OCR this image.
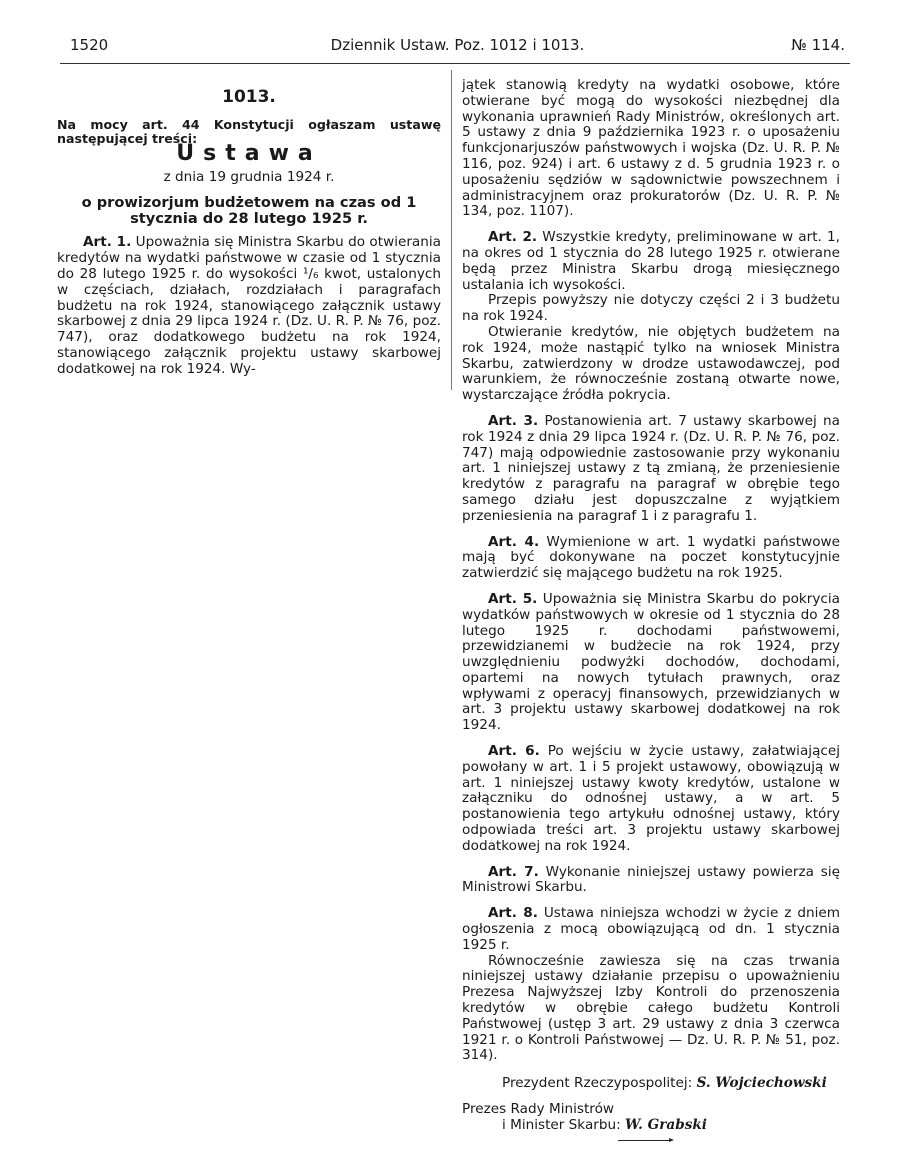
1520	Dziennik Ustaw. Poz. 1012 i 1013.	№ 114.

1013.

Na mocy art. 44 Konstytucji ogłaszam ustawę następującej treści:

Ustawa

z dnia 19 grudnia 1924 r.

o prowizorjum budżetowem na czas od 1 stycznia do 28 lutego 1925 r.

Art. 1. Upoważnia się Ministra Skarbu do otwierania kredytów na wydatki państwowe w czasie od 1 stycznia do 28 lutego 1925 r. do wysokości ¹/₆ kwot, ustalonych w częściach, działach, rozdziałach i paragrafach budżetu na rok 1924, stanowiącego załącznik ustawy skarbowej z dnia 29 lipca 1924 r. (Dz. U. R. P. № 76, poz. 747), oraz dodatkowego budżetu na rok 1924, stanowiącego załącznik projektu ustawy skarbowej dodatkowej na rok 1924. Wy-

jątek stanowią kredyty na wydatki osobowe, które otwierane być mogą do wysokości niezbędnej dla wykonania uprawnień Rady Ministrów, określonych art. 5 ustawy z dnia 9 października 1923 r. o uposażeniu funkcjonarjuszów państwowych i wojska (Dz. U. R. P. № 116, poz. 924) i art. 6 ustawy z d. 5 grudnia 1923 r. o uposażeniu sędziów w sądownictwie powszechnem i administracyjnem oraz prokuratorów (Dz. U. R. P. № 134, poz. 1107).

Art. 2. Wszystkie kredyty, preliminowane w art. 1, na okres od 1 stycznia do 28 lutego 1925 r. otwierane będą przez Ministra Skarbu drogą miesięcznego ustalania ich wysokości.

Przepis powyższy nie dotyczy części 2 i 3 budżetu na rok 1924.

Otwieranie kredytów, nie objętych budżetem na rok 1924, może nastąpić tylko na wniosek Ministra Skarbu, zatwierdzony w drodze ustawodawczej, pod warunkiem, że równocześnie zostaną otwarte nowe, wystarczające źródła pokrycia.

Art. 3. Postanowienia art. 7 ustawy skarbowej na rok 1924 z dnia 29 lipca 1924 r. (Dz. U. R. P. № 76, poz. 747) mają odpowiednie zastosowanie przy wykonaniu art. 1 niniejszej ustawy z tą zmianą, że przeniesienie kredytów z paragrafu na paragraf w obrębie tego samego działu jest dopuszczalne z wyjątkiem przeniesienia na paragraf 1 i z paragrafu 1.

Art. 4. Wymienione w art. 1 wydatki państwowe mają być dokonywane na poczet konstytucyjnie zatwierdzić się mającego budżetu na rok 1925.

Art. 5. Upoważnia się Ministra Skarbu do pokrycia wydatków państwowych w okresie od 1 stycznia do 28 lutego 1925 r. dochodami państwowemi, przewidzianemi w budżecie na rok 1924, przy uwzględnieniu podwyżki dochodów, dochodami, opartemi na nowych tytułach prawnych, oraz wpływami z operacyj finansowych, przewidzianych w art. 3 projektu ustawy skarbowej dodatkowej na rok 1924.

Art. 6. Po wejściu w życie ustawy, załatwiającej powołany w art. 1 i 5 projekt ustawowy, obowiązują w art. 1 niniejszej ustawy kwoty kredytów, ustalone w załączniku do odnośnej ustawy, a w art. 5 postanowienia tego artykułu odnośnej ustawy, który odpowiada treści art. 3 projektu ustawy skarbowej dodatkowej na rok 1924.

Art. 7. Wykonanie niniejszej ustawy powierza się Ministrowi Skarbu.

Art. 8. Ustawa niniejsza wchodzi w życie z dniem ogłoszenia z mocą obowiązującą od dn. 1 stycznia 1925 r.

Równocześnie zawiesza się na czas trwania niniejszej ustawy działanie przepisu o upoważnieniu Prezesa Najwyższej Izby Kontroli do przenoszenia kredytów w obrębie całego budżetu Kontroli Państwowej (ustęp 3 art. 29 ustawy z dnia 3 czerwca 1921 r. o Kontroli Państwowej — Dz. U. R. P. № 51, poz. 314).

Prezydent Rzeczypospolitej: S. Wojciechowski

Prezes Rady Ministrów

i Minister Skarbu: W. Grabski
